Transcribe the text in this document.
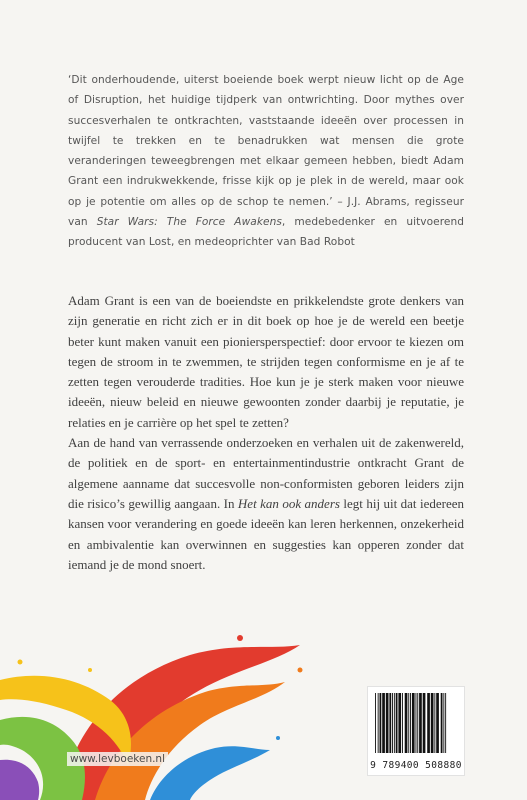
‘Dit onderhoudende, uiterst boeiende boek werpt nieuw licht op de Age of Disruption, het huidige tijdperk van ontwrichting. Door mythes over succesverhalen te ontkrachten, vaststaande ideeën over processen in twijfel te trekken en te benadrukken wat mensen die grote veranderingen teweegbrengen met elkaar gemeen hebben, biedt Adam Grant een indrukwekkende, frisse kijk op je plek in de wereld, maar ook op je potentie om alles op de schop te nemen.’ – J.J. Abrams, regisseur van Star Wars: The Force Awakens, medebedenker en uitvoerend producent van Lost, en medeoprichter van Bad Robot

Adam Grant is een van de boeiendste en prikkelendste grote denkers van zijn generatie en richt zich er in dit boek op hoe je de wereld een beetje beter kunt maken vanuit een pioniersperspectief: door ervoor te kiezen om tegen de stroom in te zwemmen, te strijden tegen conformisme en je af te zetten tegen verouderde tradities. Hoe kun je je sterk maken voor nieuwe ideeën, nieuw beleid en nieuwe gewoonten zonder daarbij je reputatie, je relaties en je carrière op het spel te zetten?

Aan de hand van verrassende onderzoeken en verhalen uit de zakenwereld, de politiek en de sport- en entertainmentindustrie ontkracht Grant de algemene aanname dat succesvolle non-conformisten geboren leiders zijn die risico’s gewillig aangaan. In Het kan ook anders legt hij uit dat iedereen kansen voor verandering en goede ideeën kan leren herkennen, onzekerheid en ambivalentie kan overwinnen en suggesties kan opperen zonder dat iemand je de mond snoert.

www.levboeken.nl
9 789400 508880
